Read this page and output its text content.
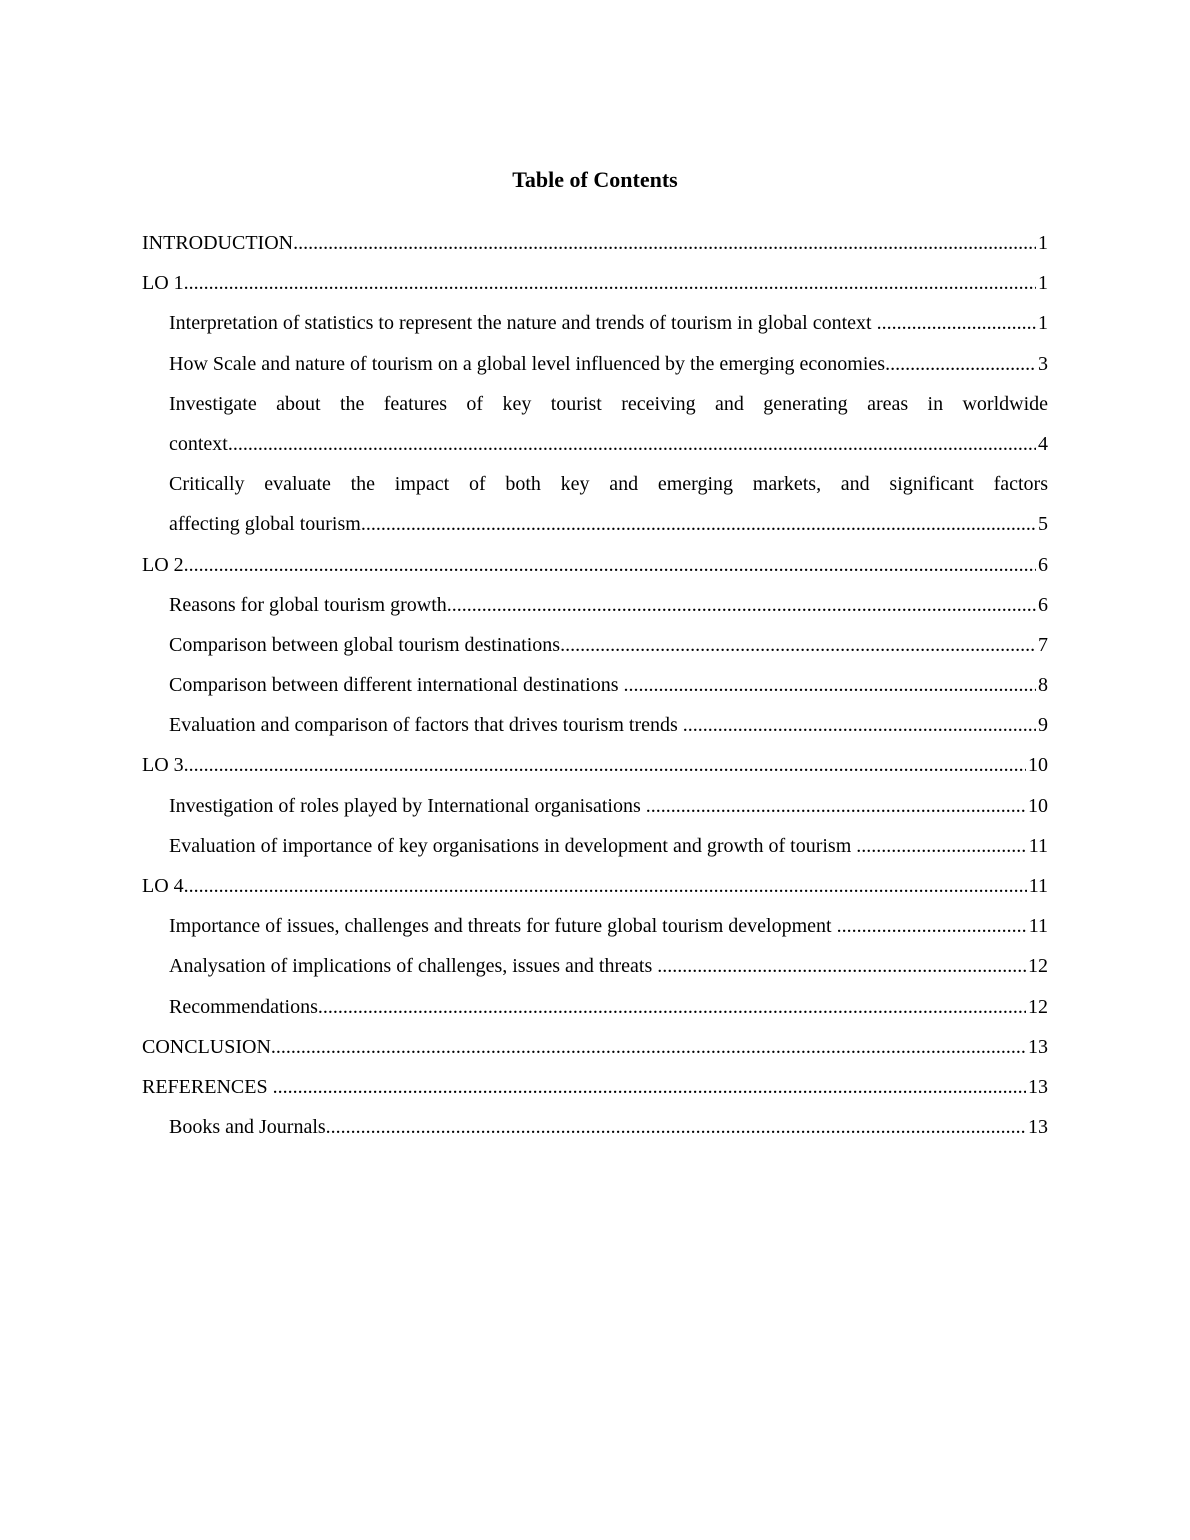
Table of Contents
INTRODUCTION .....	1
LO 1 .....	1
Interpretation of statistics to represent the nature and trends of tourism in global context .....	1
How Scale and nature of tourism on a global level influenced by the emerging economies .....	3
Investigate about the features of key tourist receiving and generating areas in worldwide
context .....	4
Critically evaluate the impact of both key and emerging markets, and significant factors
affecting global tourism .....	5
LO 2 .....	6
Reasons for global tourism growth .....	6
Comparison between global tourism destinations .....	7
Comparison between different international destinations .....	8
Evaluation and comparison of factors that drives tourism trends .....	9
LO 3 .....	10
Investigation of roles played by International organisations .....	10
Evaluation of importance of key organisations in development and growth of tourism .....	11
LO 4 .....	11
Importance of issues, challenges and threats for future global tourism development .....	11
Analysation of implications of challenges, issues and threats .....	12
Recommendations .....	12
CONCLUSION .....	13
REFERENCES .....	13
Books and Journals .....	13
